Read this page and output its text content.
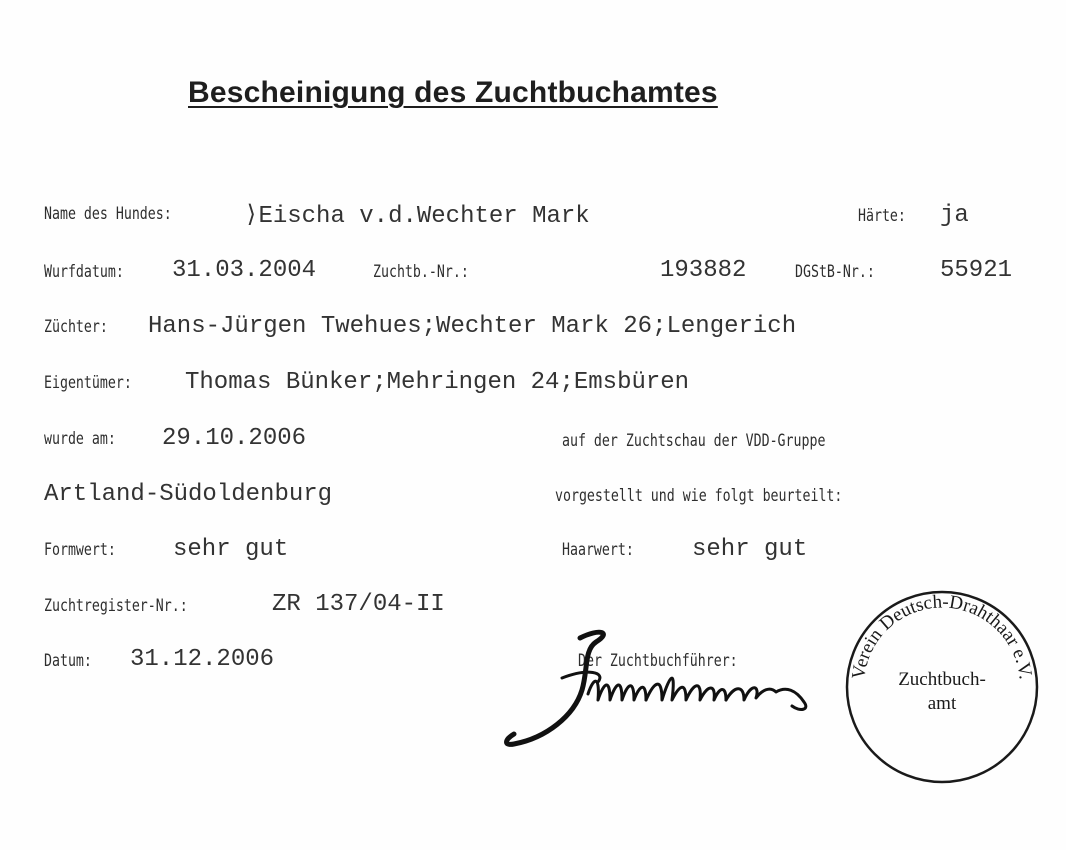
Bescheinigung des Zuchtbuchamtes
Name des Hundes:	⟩Eischa v.d.Wechter Mark	Härte: ja
Wurfdatum: 31.03.2004	Zuchtb.-Nr.:	193882	DGStB-Nr.:	55921
Züchter: Hans-Jürgen Twehues;Wechter Mark 26;Lengerich
Eigentümer: Thomas Bünker;Mehringen 24;Emsbüren
wurde am: 29.10.2006	auf der Zuchtschau der VDD-Gruppe
Artland-Südoldenburg	vorgestellt und wie folgt beurteilt:
Formwert: sehr gut	Haarwert: sehr gut
Zuchtregister-Nr.:	ZR 137/04-II
Datum: 31.12.2006	Der Zuchtbuchführer:
Verein Deutsch-Drahthaar e.V.
Zuchtbuch-
amt
